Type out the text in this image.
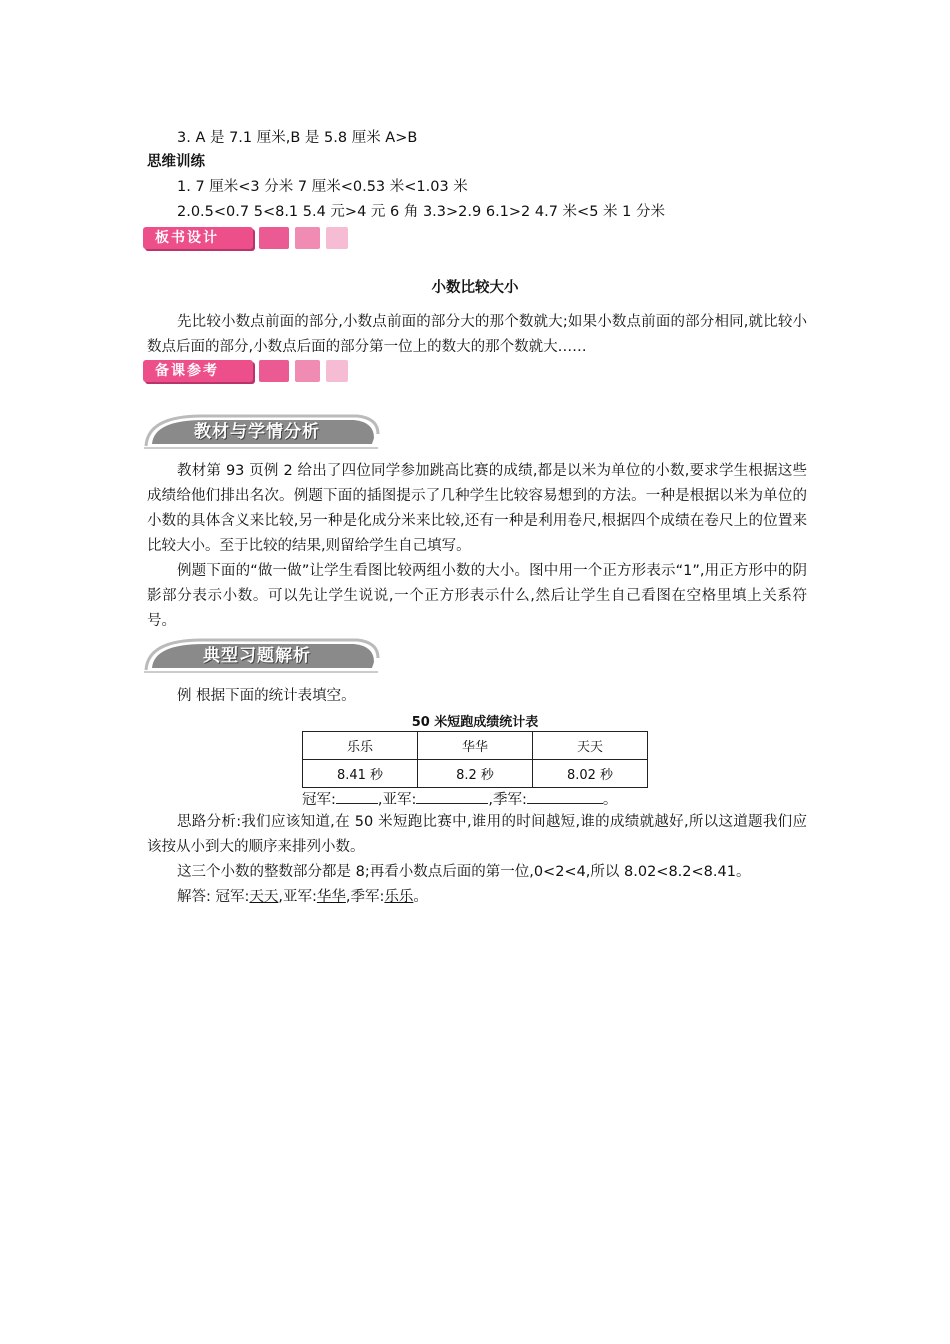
3. A 是 7.1 厘米,B 是 5.8 厘米 A>B
思维训练
1. 7 厘米<3 分米 7 厘米<0.53 米<1.03 米
2.0.5<0.7 5<8.1 5.4 元>4 元 6 角 3.3>2.9 6.1>2 4.7 米<5 米 1 分米
板书设计
小数比较大小

先比较小数点前面的部分,小数点前面的部分大的那个数就大;如果小数点前面的部分相同,就比较小数点后面的部分,小数点后面的部分第一位上的数大的那个数就大……

备课参考
教材与学情分析

教材第 93 页例 2 给出了四位同学参加跳高比赛的成绩,都是以米为单位的小数,要求学生根据这些成绩给他们排出名次。例题下面的插图提示了几种学生比较容易想到的方法。一种是根据以米为单位的小数的具体含义来比较,另一种是化成分米来比较,还有一种是利用卷尺,根据四个成绩在卷尺上的位置来比较大小。至于比较的结果,则留给学生自己填写。

例题下面的“做一做”让学生看图比较两组小数的大小。图中用一个正方形表示“1”,用正方形中的阴影部分表示小数。可以先让学生说说,一个正方形表示什么,然后让学生自己看图在空格里填上关系符号。

典型习题解析
例 根据下面的统计表填空。
50 米短跑成绩统计表
乐乐	华华	天天
8.41 秒	8.2 秒	8.02 秒
冠军:	,亚军:	,季军:	。

思路分析:我们应该知道,在 50 米短跑比赛中,谁用的时间越短,谁的成绩就越好,所以这道题我们应该按从小到大的顺序来排列小数。

这三个小数的整数部分都是 8;再看小数点后面的第一位,0<2<4,所以 8.02<8.2<8.41。

解答: 冠军:天天,亚军:华华,季军:乐乐。
